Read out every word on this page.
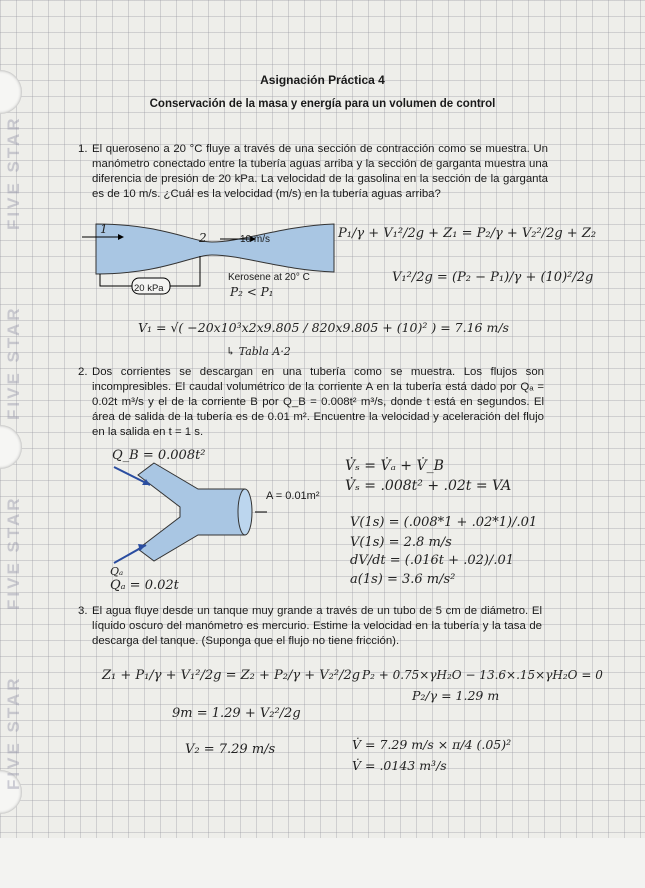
FIVE STAR
FIVE STAR
FIVE STAR
FIVE STAR
Asignación Práctica 4
Conservación de la masa y energía para un volumen de control
1. El queroseno a 20 °C fluye a través de una sección de contracción como se muestra. Un manómetro conectado entre la tubería aguas arriba y la sección de garganta muestra una diferencia de presión de 20 kPa. La velocidad de la gasolina en la sección de la garganta es de 10 m/s. ¿Cuál es la velocidad (m/s) en la tubería aguas arriba?
1
2	10 m/s
20 kPa
Kerosene at 20° C
P₂ < P₁
P₁/γ + V₁²/2g + Z₁ = P₂/γ + V₂²/2g + Z₂
V₁²/2g = (P₂ − P₁)/γ + (10)²/2g
V₁ = √( −20x10³x2x9.805 / 820x9.805 + (10)² ) = 7.16 m/s
↳ Tabla A·2
2. Dos corrientes se descargan en una tubería como se muestra. Los flujos son incompresibles. El caudal volumétrico de la corriente A en la tubería está dado por Qₐ = 0.02t m³/s y el de la corriente B por Q_B = 0.008t² m³/s, donde t está en segundos. El área de salida de la tubería es de 0.01 m². Encuentre la velocidad y aceleración del flujo en la salida en t = 1 s.
Q_B = 0.008t²
Qₐ
Qₐ = 0.02t
A = 0.01m²
V̇ₛ = V̇ₐ + V̇_B
V̇ₛ = .008t² + .02t = VA
V(1s) = (.008*1 + .02*1)/.01
V(1s) = 2.8 m/s
dV/dt = (.016t + .02)/.01
a(1s) = 3.6 m/s²
3. El agua fluye desde un tanque muy grande a través de un tubo de 5 cm de diámetro. El líquido oscuro del manómetro es mercurio. Estime la velocidad en la tubería y la tasa de descarga del tanque. (Suponga que el flujo no tiene fricción).
Z₁ + P₁/γ + V₁²/2g = Z₂ + P₂/γ + V₂²/2g
9m = 1.29 + V₂²/2g
V₂ = 7.29 m/s
P₂ + 0.75×γH₂O − 13.6×.15×γH₂O = 0
P₂/γ = 1.29 m
V̇ = 7.29 m/s × π/4 (.05)²
V̇ = .0143 m³/s
